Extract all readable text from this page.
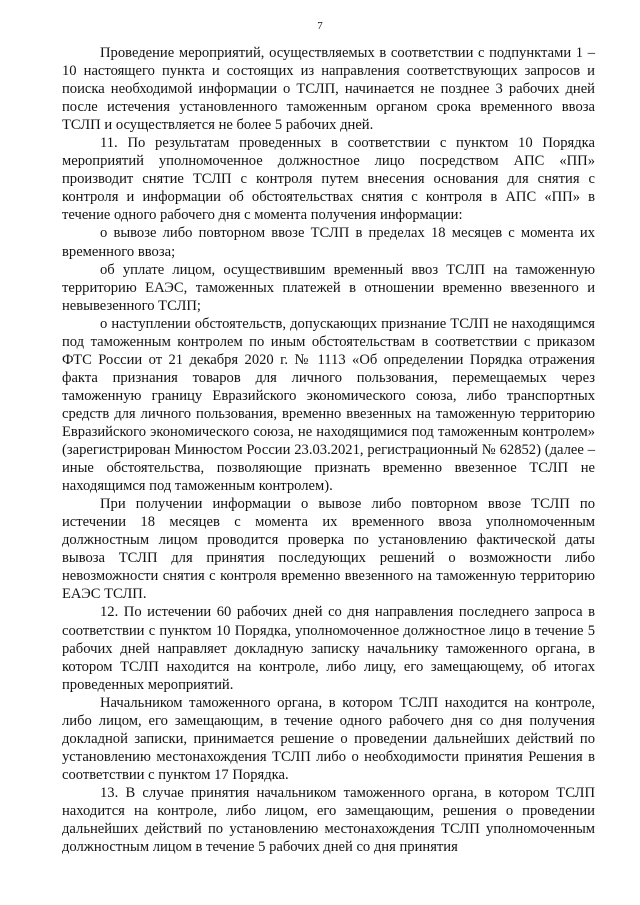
7

Проведение мероприятий, осуществляемых в соответствии с подпунктами 1 – 10 настоящего пункта и состоящих из направления соответствующих запросов и поиска необходимой информации о ТСЛП, начинается не позднее 3 рабочих дней после истечения установленного таможенным органом срока временного ввоза ТСЛП и осуществляется не более 5 рабочих дней.

11. По результатам проведенных в соответствии с пунктом 10 Порядка мероприятий уполномоченное должностное лицо посредством АПС «ПП» производит снятие ТСЛП с контроля путем внесения основания для снятия с контроля и информации об обстоятельствах снятия с контроля в АПС «ПП» в течение одного рабочего дня с момента получения информации:

о вывозе либо повторном ввозе ТСЛП в пределах 18 месяцев с момента их временного ввоза;

об уплате лицом, осуществившим временный ввоз ТСЛП на таможенную территорию ЕАЭС, таможенных платежей в отношении временно ввезенного и невывезенного ТСЛП;

о наступлении обстоятельств, допускающих признание ТСЛП не находящимся под таможенным контролем по иным обстоятельствам в соответствии с приказом ФТС России от 21 декабря 2020 г. № 1113 «Об определении Порядка отражения факта признания товаров для личного пользования, перемещаемых через таможенную границу Евразийского экономического союза, либо транспортных средств для личного пользования, временно ввезенных на таможенную территорию Евразийского экономического союза, не находящимися под таможенным контролем» (зарегистрирован Минюстом России 23.03.2021, регистрационный № 62852) (далее – иные обстоятельства, позволяющие признать временно ввезенное ТСЛП не находящимся под таможенным контролем).

При получении информации о вывозе либо повторном ввозе ТСЛП по истечении 18 месяцев с момента их временного ввоза уполномоченным должностным лицом проводится проверка по установлению фактической даты вывоза ТСЛП для принятия последующих решений о возможности либо невозможности снятия с контроля временно ввезенного на таможенную территорию ЕАЭС ТСЛП.

12. По истечении 60 рабочих дней со дня направления последнего запроса в соответствии с пунктом 10 Порядка, уполномоченное должностное лицо в течение 5 рабочих дней направляет докладную записку начальнику таможенного органа, в котором ТСЛП находится на контроле, либо лицу, его замещающему, об итогах проведенных мероприятий.

Начальником таможенного органа, в котором ТСЛП находится на контроле, либо лицом, его замещающим, в течение одного рабочего дня со дня получения докладной записки, принимается решение о проведении дальнейших действий по установлению местонахождения ТСЛП либо о необходимости принятия Решения в соответствии с пунктом 17 Порядка.

13. В случае принятия начальником таможенного органа, в котором ТСЛП находится на контроле, либо лицом, его замещающим, решения о проведении дальнейших действий по установлению местонахождения ТСЛП уполномоченным должностным лицом в течение 5 рабочих дней со дня принятия
